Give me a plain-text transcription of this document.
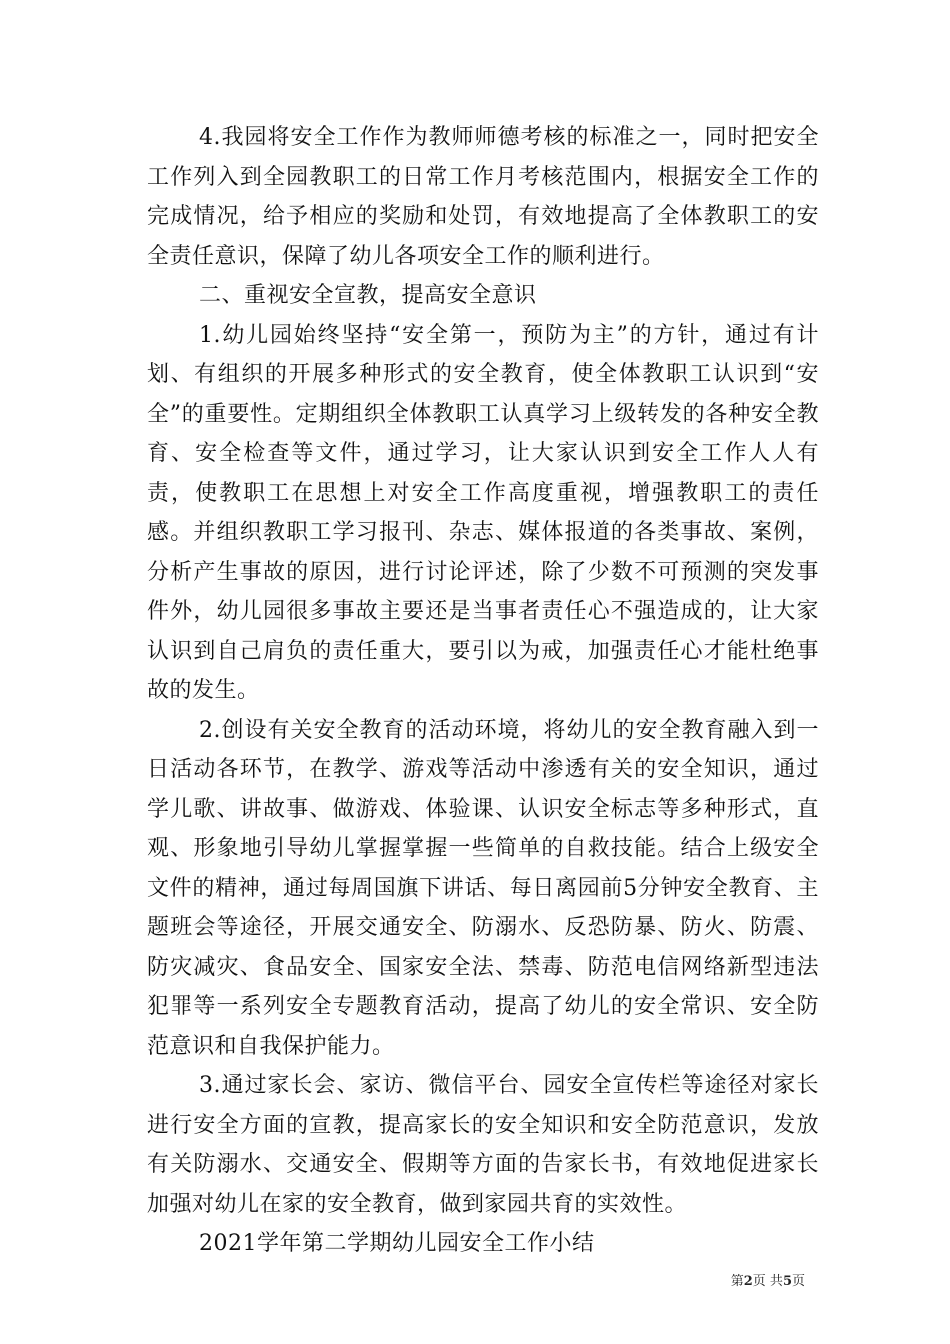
4.我园将安全工作作为教师师德考核的标准之一，同时把安全工作列入到全园教职工的日常工作月考核范围内，根据安全工作的完成情况，给予相应的奖励和处罚，有效地提高了全体教职工的安全责任意识，保障了幼儿各项安全工作的顺利进行。

二、重视安全宣教，提高安全意识

1.幼儿园始终坚持“安全第一，预防为主”的方针，通过有计划、有组织的开展多种形式的安全教育，使全体教职工认识到“安全”的重要性。定期组织全体教职工认真学习上级转发的各种安全教育、安全检查等文件，通过学习，让大家认识到安全工作人人有责，使教职工在思想上对安全工作高度重视，增强教职工的责任感。并组织教职工学习报刊、杂志、媒体报道的各类事故、案例，分析产生事故的原因，进行讨论评述，除了少数不可预测的突发事件外，幼儿园很多事故主要还是当事者责任心不强造成的，让大家认识到自己肩负的责任重大，要引以为戒，加强责任心才能杜绝事故的发生。

2.创设有关安全教育的活动环境，将幼儿的安全教育融入到一日活动各环节，在教学、游戏等活动中渗透有关的安全知识，通过学儿歌、讲故事、做游戏、体验课、认识安全标志等多种形式，直观、形象地引导幼儿掌握掌握一些简单的自救技能。结合上级安全文件的精神，通过每周国旗下讲话、每日离园前5分钟安全教育、主题班会等途径，开展交通安全、防溺水、反恐防暴、防火、防震、防灾减灾、食品安全、国家安全法、禁毒、防范电信网络新型违法犯罪等一系列安全专题教育活动，提高了幼儿的安全常识、安全防范意识和自我保护能力。

3.通过家长会、家访、微信平台、园安全宣传栏等途径对家长进行安全方面的宣教，提高家长的安全知识和安全防范意识，发放有关防溺水、交通安全、假期等方面的告家长书，有效地促进家长加强对幼儿在家的安全教育，做到家园共育的实效性。

2021学年第二学期幼儿园安全工作小结

第2页 共5页
